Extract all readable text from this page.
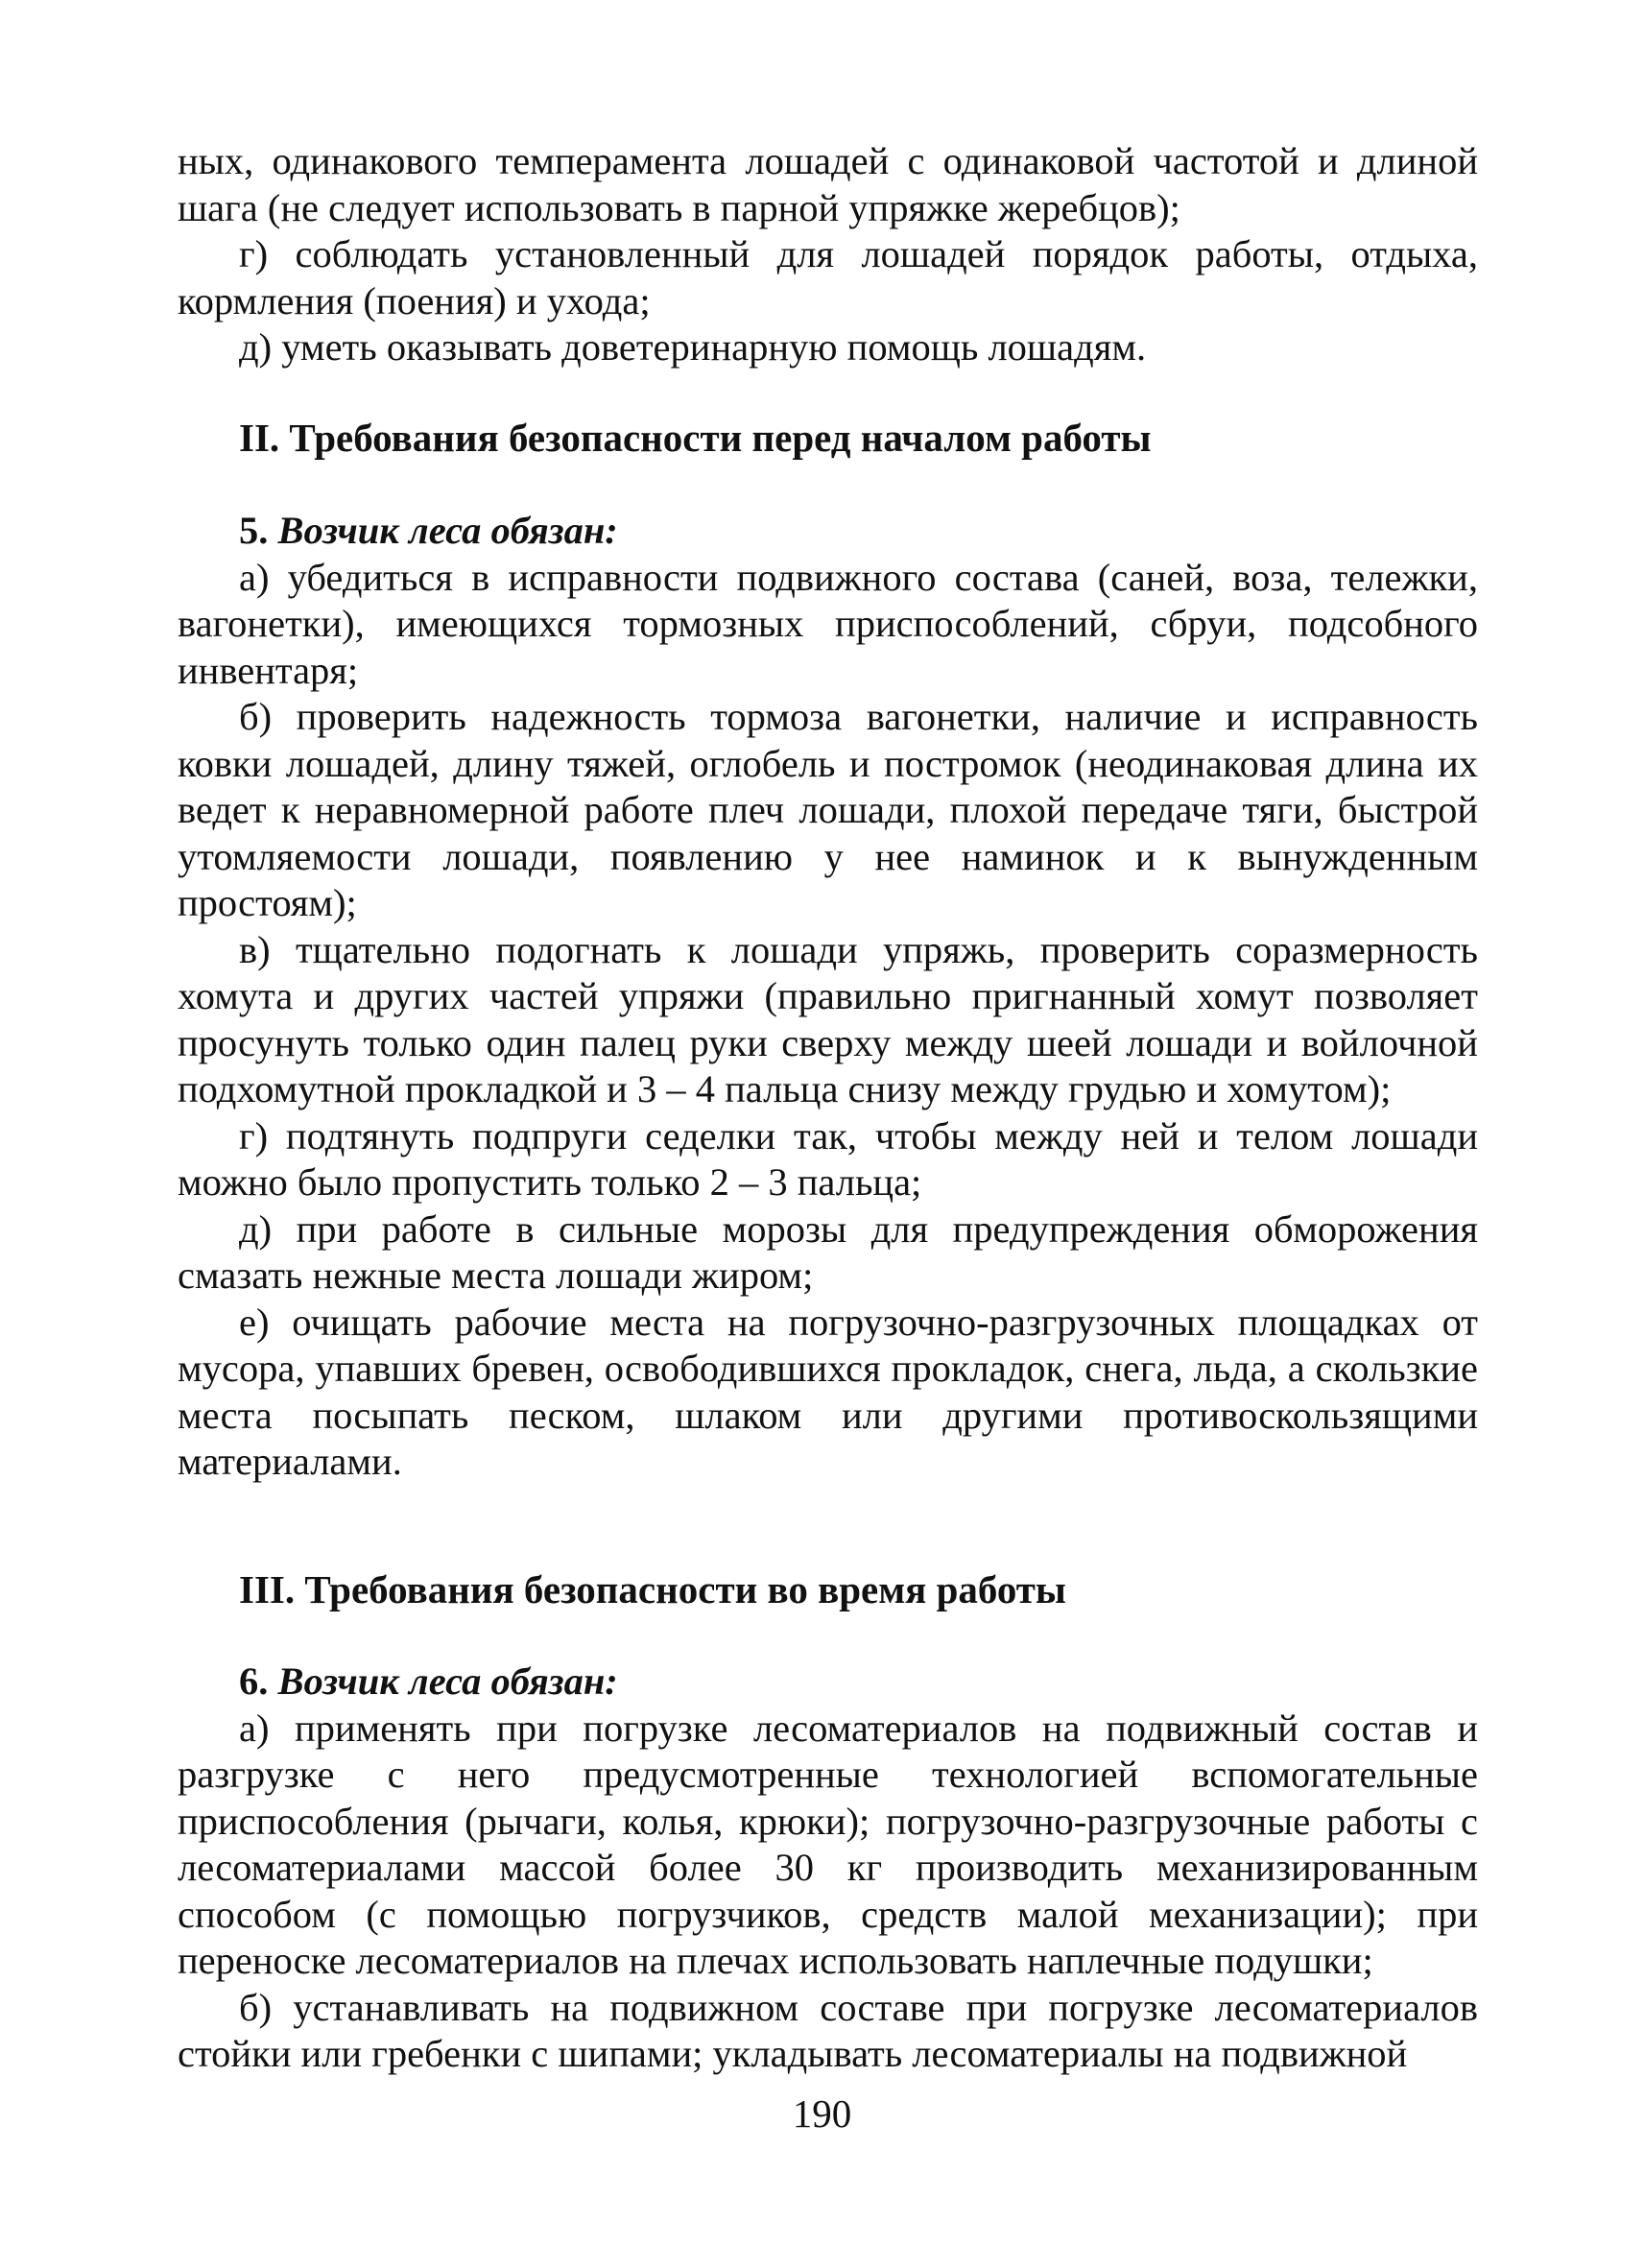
ных, одинакового темперамента лошадей с одинаковой частотой и длиной шага (не следует использовать в парной упряжке жеребцов);

г) соблюдать установленный для лошадей порядок работы, отдыха, кормления (поения) и ухода;

д) уметь оказывать доветеринарную помощь лошадям.

II. Требования безопасности перед началом работы

5. Возчик леса обязан:

а) убедиться в исправности подвижного состава (саней, воза, тележки, вагонетки), имеющихся тормозных приспособлений, сбруи, подсобного инвентаря;

б) проверить надежность тормоза вагонетки, наличие и исправность ковки лошадей, длину тяжей, оглобель и постромок (неодинаковая длина их ведет к неравномерной работе плеч лошади, плохой передаче тяги, быстрой утомляемости лошади, появлению у нее наминок и к вынужденным простоям);

в) тщательно подогнать к лошади упряжь, проверить соразмерность хомута и других частей упряжи (правильно пригнанный хомут позволяет просунуть только один палец руки сверху между шеей лошади и войлочной подхомутной прокладкой и 3 – 4 пальца снизу между грудью и хомутом);

г) подтянуть подпруги седелки так, чтобы между ней и телом лошади можно было пропустить только 2 – 3 пальца;

д) при работе в сильные морозы для предупреждения обморожения смазать нежные места лошади жиром;

е) очищать рабочие места на погрузочно-разгрузочных площадках от мусора, упавших бревен, освободившихся прокладок, снега, льда, а скользкие места посыпать песком, шлаком или другими противоскользящими материалами.

III. Требования безопасности во время работы

6. Возчик леса обязан:

а) применять при погрузке лесоматериалов на подвижный состав и разгрузке с него предусмотренные технологией вспомогательные приспособления (рычаги, колья, крюки); погрузочно-разгрузочные работы с лесоматериалами массой более 30 кг производить механизированным способом (с помощью погрузчиков, средств малой механизации); при переноске лесоматериалов на плечах использовать наплечные подушки;

б) устанавливать на подвижном составе при погрузке лесоматериалов стойки или гребенки с шипами; укладывать лесоматериалы на подвижной

190
